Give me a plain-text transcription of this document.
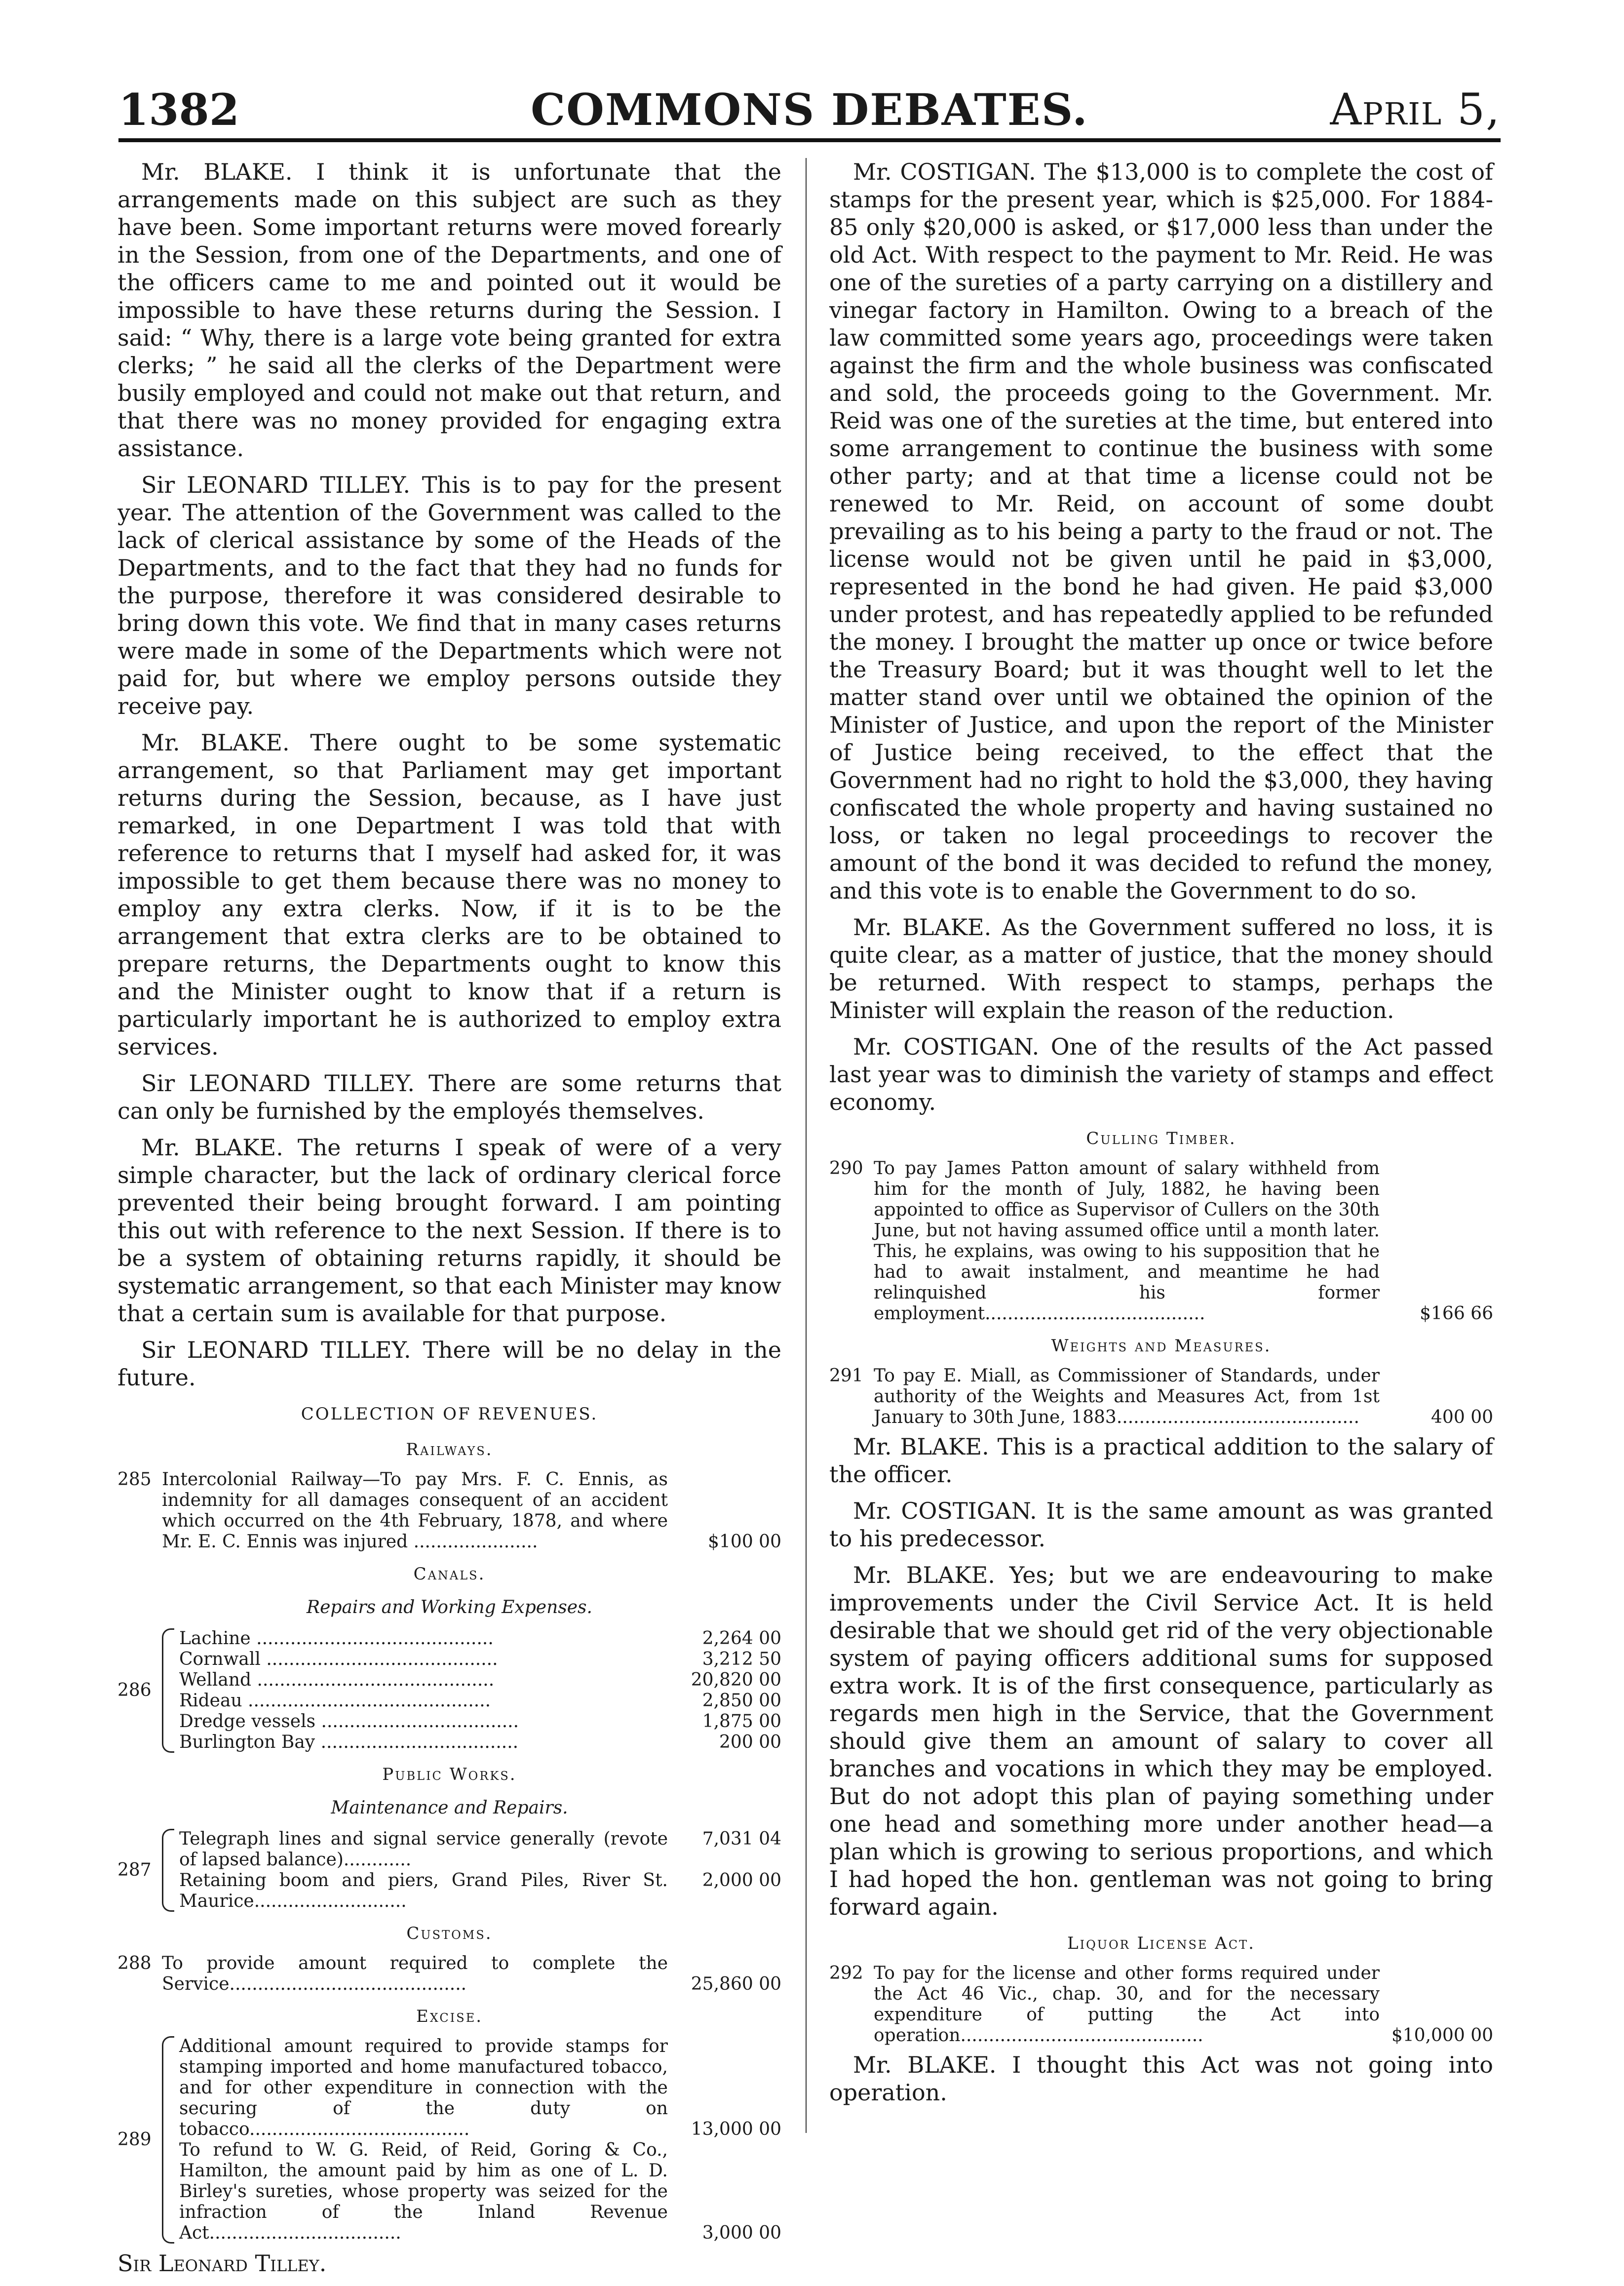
1382	COMMONS DEBATES.	April 5,

Mr. BLAKE. I think it is unfortunate that the arrangements made on this subject are such as they have been. Some important returns were moved forearly in the Session, from one of the Departments, and one of the officers came to me and pointed out it would be impossible to have these returns during the Session. I said: “ Why, there is a large vote being granted for extra clerks; ” he said all the clerks of the Department were busily employed and could not make out that return, and that there was no money provided for engaging extra assistance.

Sir LEONARD TILLEY. This is to pay for the present year. The attention of the Government was called to the lack of clerical assistance by some of the Heads of the Departments, and to the fact that they had no funds for the purpose, therefore it was considered desirable to bring down this vote. We find that in many cases returns were made in some of the Departments which were not paid for, but where we employ persons outside they receive pay.

Mr. BLAKE. There ought to be some systematic arrangement, so that Parliament may get important returns during the Session, because, as I have just remarked, in one Department I was told that with reference to returns that I myself had asked for, it was impossible to get them because there was no money to employ any extra clerks. Now, if it is to be the arrangement that extra clerks are to be obtained to prepare returns, the Departments ought to know this and the Minister ought to know that if a return is particularly important he is authorized to employ extra services.

Sir LEONARD TILLEY. There are some returns that can only be furnished by the employés themselves.

Mr. BLAKE. The returns I speak of were of a very simple character, but the lack of ordinary clerical force prevented their being brought forward. I am pointing this out with reference to the next Session. If there is to be a system of obtaining returns rapidly, it should be systematic arrangement, so that each Minister may know that a certain sum is available for that purpose.

Sir LEONARD TILLEY. There will be no delay in the future.

COLLECTION OF REVENUES.
Railways.
285 Intercolonial Railway—To pay Mrs. F. C. Ennis, as indemnity for all damages consequent of an accident which occurred on the 4th February, 1878, and where Mr. E. C. Ennis was injured ......................	$100 00
Canals.
Repairs and Working Expenses.
286
Lachine ..........................................	2,264 00
Cornwall .........................................	3,212 50
Welland ..........................................	20,820 00
Rideau ...........................................	2,850 00
Dredge vessels ...................................	1,875 00
Burlington Bay ...................................	200 00
Public Works.
Maintenance and Repairs.
287
Telegraph lines and signal service generally (revote of lapsed balance)............
7,031 04
Retaining boom and piers, Grand Piles, River St. Maurice...........................
2,000 00
Customs.
288 To provide amount required to complete the Service..........................................	25,860 00
Excise.
289
Additional amount required to provide stamps for stamping imported and home manufactured tobacco, and for other expenditure in connection with the securing of the duty on tobacco.......................................	13,000 00
To refund to W. G. Reid, of Reid, Goring & Co., Hamilton, the amount paid by him as one of L. D. Birley's sureties, whose property was seized for the infraction of the Inland Revenue Act..................................	3,000 00

Sir Leonard Tilley.

Mr. COSTIGAN. The $13,000 is to complete the cost of stamps for the present year, which is $25,000. For 1884-85 only $20,000 is asked, or $17,000 less than under the old Act. With respect to the payment to Mr. Reid. He was one of the sureties of a party carrying on a distillery and vinegar factory in Hamilton. Owing to a breach of the law committed some years ago, proceedings were taken against the firm and the whole business was confiscated and sold, the proceeds going to the Government. Mr. Reid was one of the sureties at the time, but entered into some arrangement to continue the business with some other party; and at that time a license could not be renewed to Mr. Reid, on account of some doubt prevailing as to his being a party to the fraud or not. The license would not be given until he paid in $3,000, represented in the bond he had given. He paid $3,000 under protest, and has repeatedly applied to be refunded the money. I brought the matter up once or twice before the Treasury Board; but it was thought well to let the matter stand over until we obtained the opinion of the Minister of Justice, and upon the report of the Minister of Justice being received, to the effect that the Government had no right to hold the $3,000, they having confiscated the whole property and having sustained no loss, or taken no legal proceedings to recover the amount of the bond it was decided to refund the money, and this vote is to enable the Government to do so.

Mr. BLAKE. As the Government suffered no loss, it is quite clear, as a matter of justice, that the money should be returned. With respect to stamps, perhaps the Minister will explain the reason of the reduction.

Mr. COSTIGAN. One of the results of the Act passed last year was to diminish the variety of stamps and effect economy.

Culling Timber.
290 To pay James Patton amount of salary withheld from him for the month of July, 1882, he having been appointed to office as Supervisor of Cullers on the 30th June, but not having assumed office until a month later. This, he explains, was owing to his supposition that he had to await instalment, and meantime he had relinquished his former employment.......................................	$166 66
Weights and Measures.
291 To pay E. Miall, as Commissioner of Standards, under authority of the Weights and Measures Act, from 1st January to 30th June, 1883...........................................	400 00

Mr. BLAKE. This is a practical addition to the salary of the officer.

Mr. COSTIGAN. It is the same amount as was granted to his predecessor.

Mr. BLAKE. Yes; but we are endeavouring to make improvements under the Civil Service Act. It is held desirable that we should get rid of the very objectionable system of paying officers additional sums for supposed extra work. It is of the first consequence, particularly as regards men high in the Service, that the Government should give them an amount of salary to cover all branches and vocations in which they may be employed. But do not adopt this plan of paying something under one head and something more under another head—a plan which is growing to serious proportions, and which I had hoped the hon. gentleman was not going to bring forward again.

Liquor License Act.
292 To pay for the license and other forms required under the Act 46 Vic., chap. 30, and for the necessary expenditure of putting the Act into operation...........................................	$10,000 00

Mr. BLAKE. I thought this Act was not going into operation.
